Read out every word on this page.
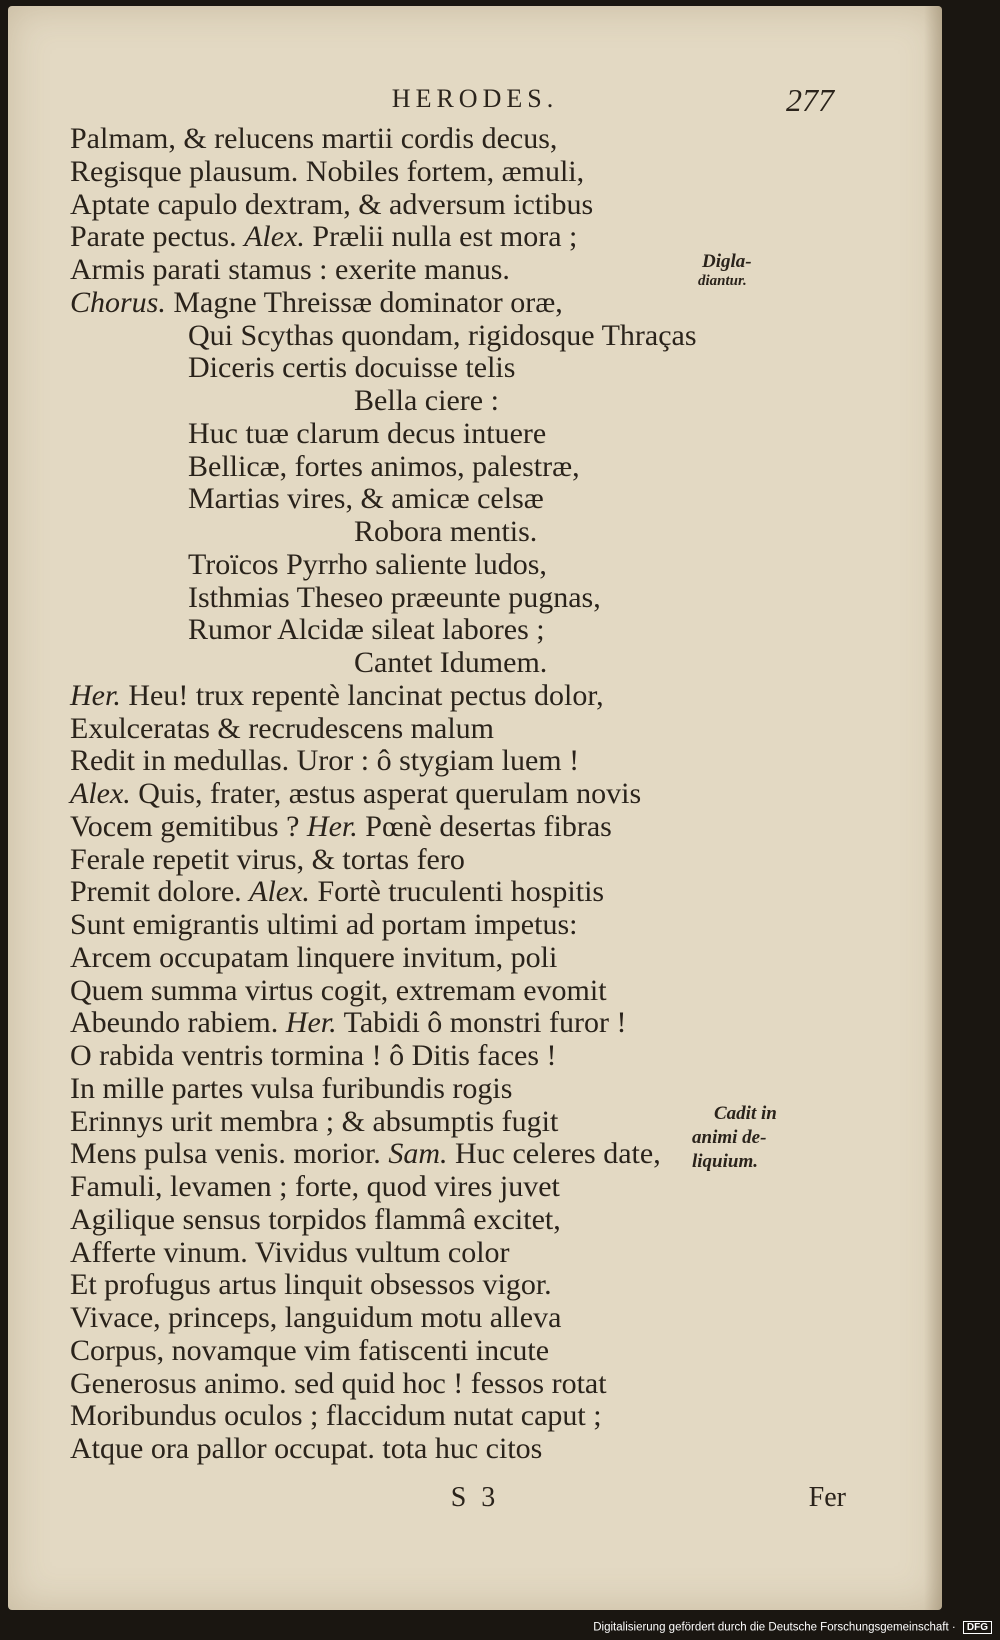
HERODES.	277
Palmam, & relucens martii cordis decus,
Regisque plausum. Nobiles fortem, æmuli,
Aptate capulo dextram, & adversum ictibus
Parate pectus. Alex. Prælii nulla est mora ;
Armis parati stamus : exerite manus.
Chorus. Magne Threissæ dominator oræ,
Qui Scythas quondam, rigidosque Thraças
Diceris certis docuisse telis
Bella ciere :
Huc tuæ clarum decus intuere
Bellicæ, fortes animos, palestræ,
Martias vires, & amicæ celsæ
Robora mentis.
Troïcos Pyrrho saliente ludos,
Isthmias Theseo præeunte pugnas,
Rumor Alcidæ sileat labores ;
Cantet Idumem.
Her. Heu! trux repentè lancinat pectus dolor,
Exulceratas & recrudescens malum
Redit in medullas. Uror : ô stygiam luem !
Alex. Quis, frater, æstus asperat querulam novis
Vocem gemitibus ? Her. Pœnè desertas fibras
Ferale repetit virus, & tortas fero
Premit dolore. Alex. Fortè truculenti hospitis
Sunt emigrantis ultimi ad portam impetus:
Arcem occupatam linquere invitum, poli
Quem summa virtus cogit, extremam evomit
Abeundo rabiem. Her. Tabidi ô monstri furor !
O rabida ventris tormina ! ô Ditis faces !
In mille partes vulsa furibundis rogis
Erinnys urit membra ; & absumptis fugit
Mens pulsa venis. morior. Sam. Huc celeres date,
Famuli, levamen ; forte, quod vires juvet
Agilique sensus torpidos flammâ excitet,
Afferte vinum. Vividus vultum color
Et profugus artus linquit obsessos vigor.
Vivace, princeps, languidum motu alleva
Corpus, novamque vim fatiscenti incute
Generosus animo. sed quid hoc ! fessos rotat
Moribundus oculos ; flaccidum nutat caput ;
Atque ora pallor occupat. tota huc citos
Digla-
diantur.
Cadit in
animi de-
liquium.
S 3	Fer
Digitalisierung gefördert durch die Deutsche Forschungsgemeinschaft · DFG
